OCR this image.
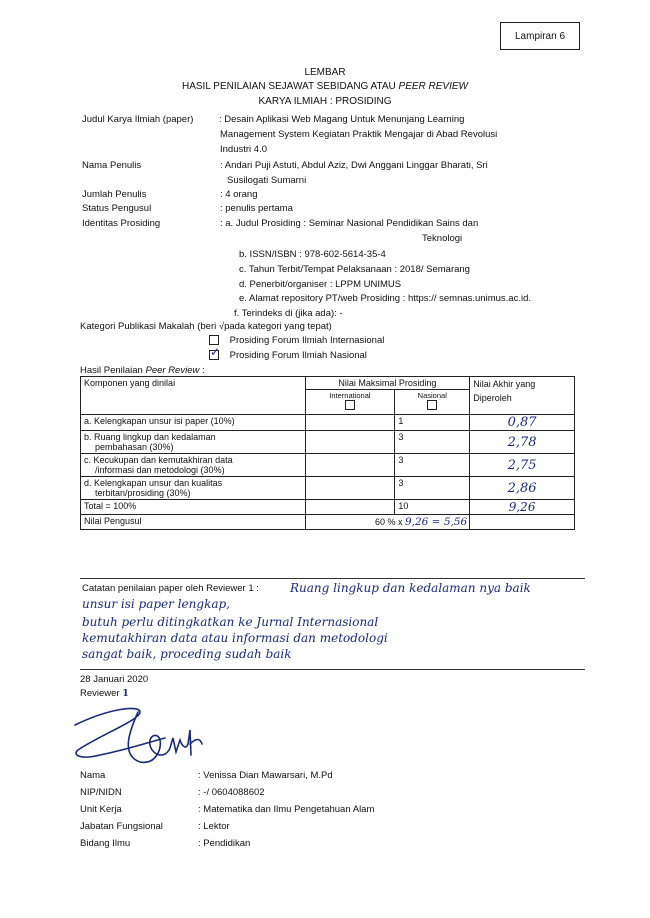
Lampiran 6
LEMBAR
HASIL PENILAIAN SEJAWAT SEBIDANG ATAU PEER REVIEW
KARYA ILMIAH : PROSIDING
Judul Karya Ilmiah (paper)	: Desain Aplikasi Web Magang Untuk Menunjang Learning
Management System Kegiatan Praktik Mengajar di Abad Revolusi
Industri 4.0
Nama Penulis	: Andari Puji Astuti, Abdul Aziz, Dwi Anggani Linggar Bharati, Sri
Susilogati Sumarni
Jumlah Penulis	: 4 orang
Status Pengusul	: penulis pertama
Identitas Prosiding	: a. Judul Prosiding : Seminar Nasional Pendidikan Sains dan
Teknologi
b. ISSN/ISBN : 978-602-5614-35-4
c. Tahun Terbit/Tempat Pelaksanaan : 2018/ Semarang
d. Penerbit/organiser : LPPM UNIMUS
e. Alamat repository PT/web Prosiding : https:// semnas.unimus.ac.id.
f. Terindeks di (jika ada): -
Kategori Publikasi Makalah (beri √pada kategori yang tepat)
Prosiding Forum Ilmiah Internasional
✓ Prosiding Forum Ilmiah Nasional
Hasil Penilaian Peer Review :
Komponen yang dinilai	Nilai Maksimal Prosiding		Nilai Akhir yang
Diperoleh

	International	Nasional	

a. Kelengkapan unsur isi paper (10%)		1	0,87

b. Ruang lingkup dan kedalaman
pembahasan (30%)		3	2,78

c. Kecukupan dan kemutakhiran data
/informasi dan metodologi (30%)		3	2,75

d. Kelengkapan unsur dan kualitas
terbitan/prosiding (30%)		3	2,86
Total = 100%		10	9,26
Nilai Pengusul	60 % x 9,26 = 5,56		
Catatan penilaian paper oleh Reviewer 1 :	Ruang lingkup dan kedalaman nya baik
unsur isi paper lengkap,
butuh perlu ditingkatkan ke Jurnal Internasional
kemutakhiran data atau informasi dan metodologi
sangat baik, proceding sudah baik
28 Januari 2020
Reviewer 1
Nama	: Venissa Dian Mawarsari, M.Pd
NIP/NIDN	: -/ 0604088602
Unit Kerja	: Matematika dan Ilmu Pengetahuan Alam
Jabatan Fungsional	: Lektor
Bidang Ilmu	: Pendidikan
